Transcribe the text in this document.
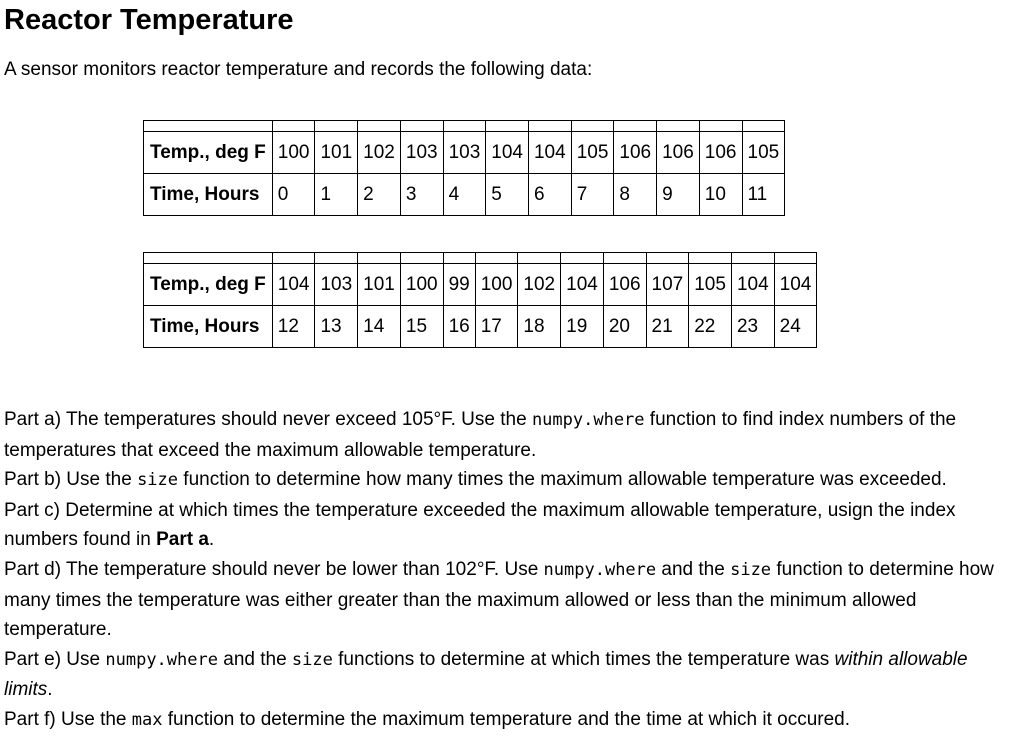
Reactor Temperature

A sensor monitors reactor temperature and records the following data:

Temp., deg F	100	101	102	103	103	104	104	105	106	106	106	105
Time, Hours	0	1	2	3	4	5	6	7	8	9	10	11

Temp., deg F	104	103	101	100	99	100	102	104	106	107	105	104	104
Time, Hours	12	13	14	15	16	17	18	19	20	21	22	23	24

Part a) The temperatures should never exceed 105°F. Use the numpy.where function to find index numbers of the temperatures that exceed the maximum allowable temperature.

Part b) Use the size function to determine how many times the maximum allowable temperature was exceeded.

Part c) Determine at which times the temperature exceeded the maximum allowable temperature, usign the index numbers found in Part a.

Part d) The temperature should never be lower than 102°F. Use numpy.where and the size function to determine how many times the temperature was either greater than the maximum allowed or less than the minimum allowed temperature.

Part e) Use numpy.where and the size functions to determine at which times the temperature was within allowable limits.

Part f) Use the max function to determine the maximum temperature and the time at which it occured.
